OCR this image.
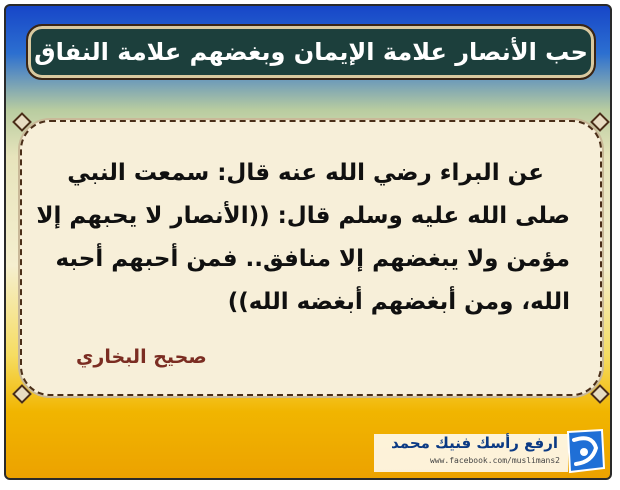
حب الأنصار علامة الإيمان وبغضهم علامة النفاق
عن البراء رضي الله عنه قال: سمعت النبي
صلى الله عليه وسلم قال: ((الأنصار لا يحبهم إلا
مؤمن ولا يبغضهم إلا منافق.. فمن أحبهم أحبه
الله، ومن أبغضهم أبغضه الله))
صحيح البخاري
ارفع رأسك فنيك محمد
www.facebook.com/muslimans2
